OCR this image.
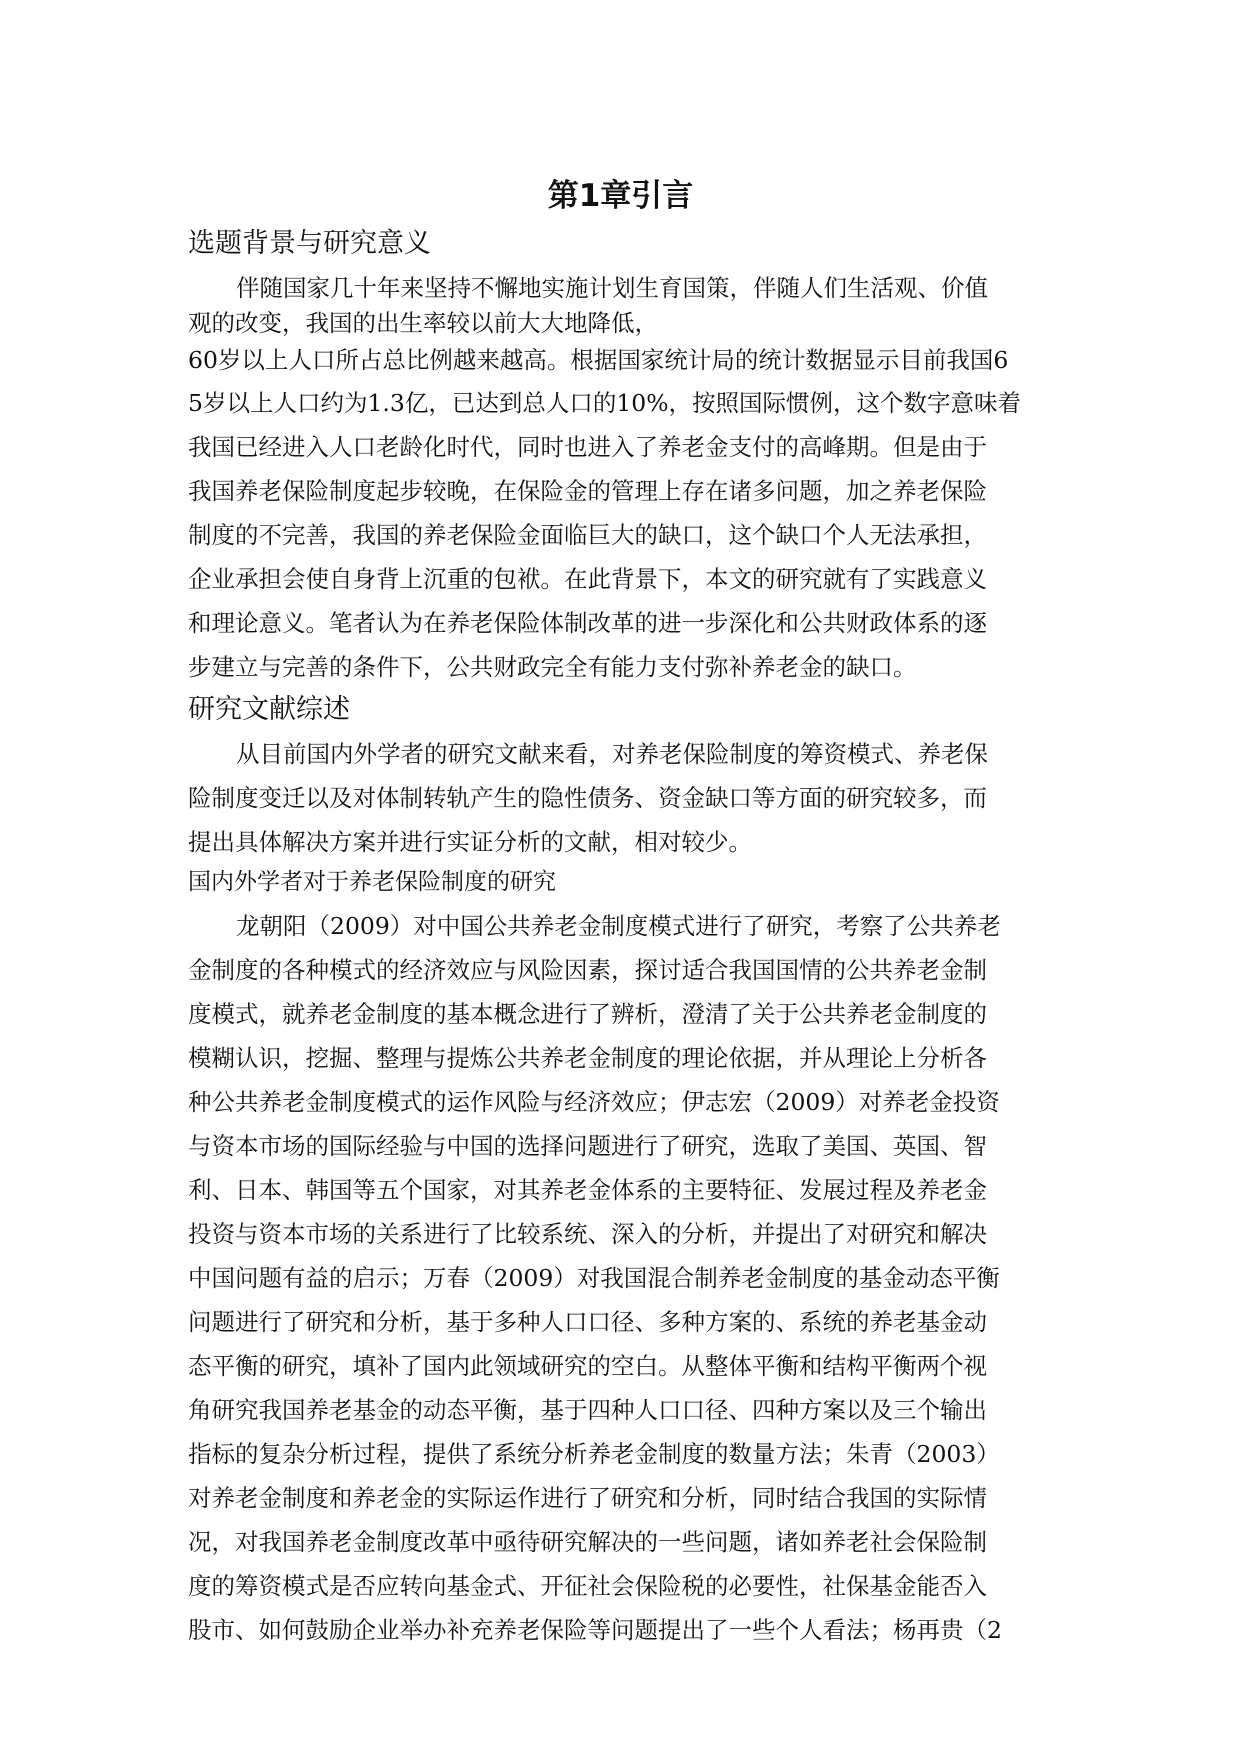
第1章引言
选题背景与研究意义

伴随国家几十年来坚持不懈地实施计划生育国策，伴随人们生活观、价值

观的改变，我国的出生率较以前大大地降低，

60岁以上人口所占总比例越来越高。根据国家统计局的统计数据显示目前我国6

5岁以上人口约为1.3亿，已达到总人口的10%，按照国际惯例，这个数字意味着

我国已经进入人口老龄化时代，同时也进入了养老金支付的高峰期。但是由于

我国养老保险制度起步较晚，在保险金的管理上存在诸多问题，加之养老保险

制度的不完善，我国的养老保险金面临巨大的缺口，这个缺口个人无法承担，

企业承担会使自身背上沉重的包袱。在此背景下，本文的研究就有了实践意义

和理论意义。笔者认为在养老保险体制改革的进一步深化和公共财政体系的逐

步建立与完善的条件下，公共财政完全有能力支付弥补养老金的缺口。

研究文献综述

从目前国内外学者的研究文献来看，对养老保险制度的筹资模式、养老保

险制度变迁以及对体制转轨产生的隐性债务、资金缺口等方面的研究较多，而

提出具体解决方案并进行实证分析的文献，相对较少。

国内外学者对于养老保险制度的研究

龙朝阳（2009）对中国公共养老金制度模式进行了研究，考察了公共养老

金制度的各种模式的经济效应与风险因素，探讨适合我国国情的公共养老金制

度模式，就养老金制度的基本概念进行了辨析，澄清了关于公共养老金制度的

模糊认识，挖掘、整理与提炼公共养老金制度的理论依据，并从理论上分析各

种公共养老金制度模式的运作风险与经济效应；伊志宏（2009）对养老金投资

与资本市场的国际经验与中国的选择问题进行了研究，选取了美国、英国、智

利、日本、韩国等五个国家，对其养老金体系的主要特征、发展过程及养老金

投资与资本市场的关系进行了比较系统、深入的分析，并提出了对研究和解决

中国问题有益的启示；万春（2009）对我国混合制养老金制度的基金动态平衡

问题进行了研究和分析，基于多种人口口径、多种方案的、系统的养老基金动

态平衡的研究，填补了国内此领域研究的空白。从整体平衡和结构平衡两个视

角研究我国养老基金的动态平衡，基于四种人口口径、四种方案以及三个输出

指标的复杂分析过程，提供了系统分析养老金制度的数量方法；朱青（2003）

对养老金制度和养老金的实际运作进行了研究和分析，同时结合我国的实际情

况，对我国养老金制度改革中亟待研究解决的一些问题，诸如养老社会保险制

度的筹资模式是否应转向基金式、开征社会保险税的必要性，社保基金能否入

股市、如何鼓励企业举办补充养老保险等问题提出了一些个人看法；杨再贵（2
